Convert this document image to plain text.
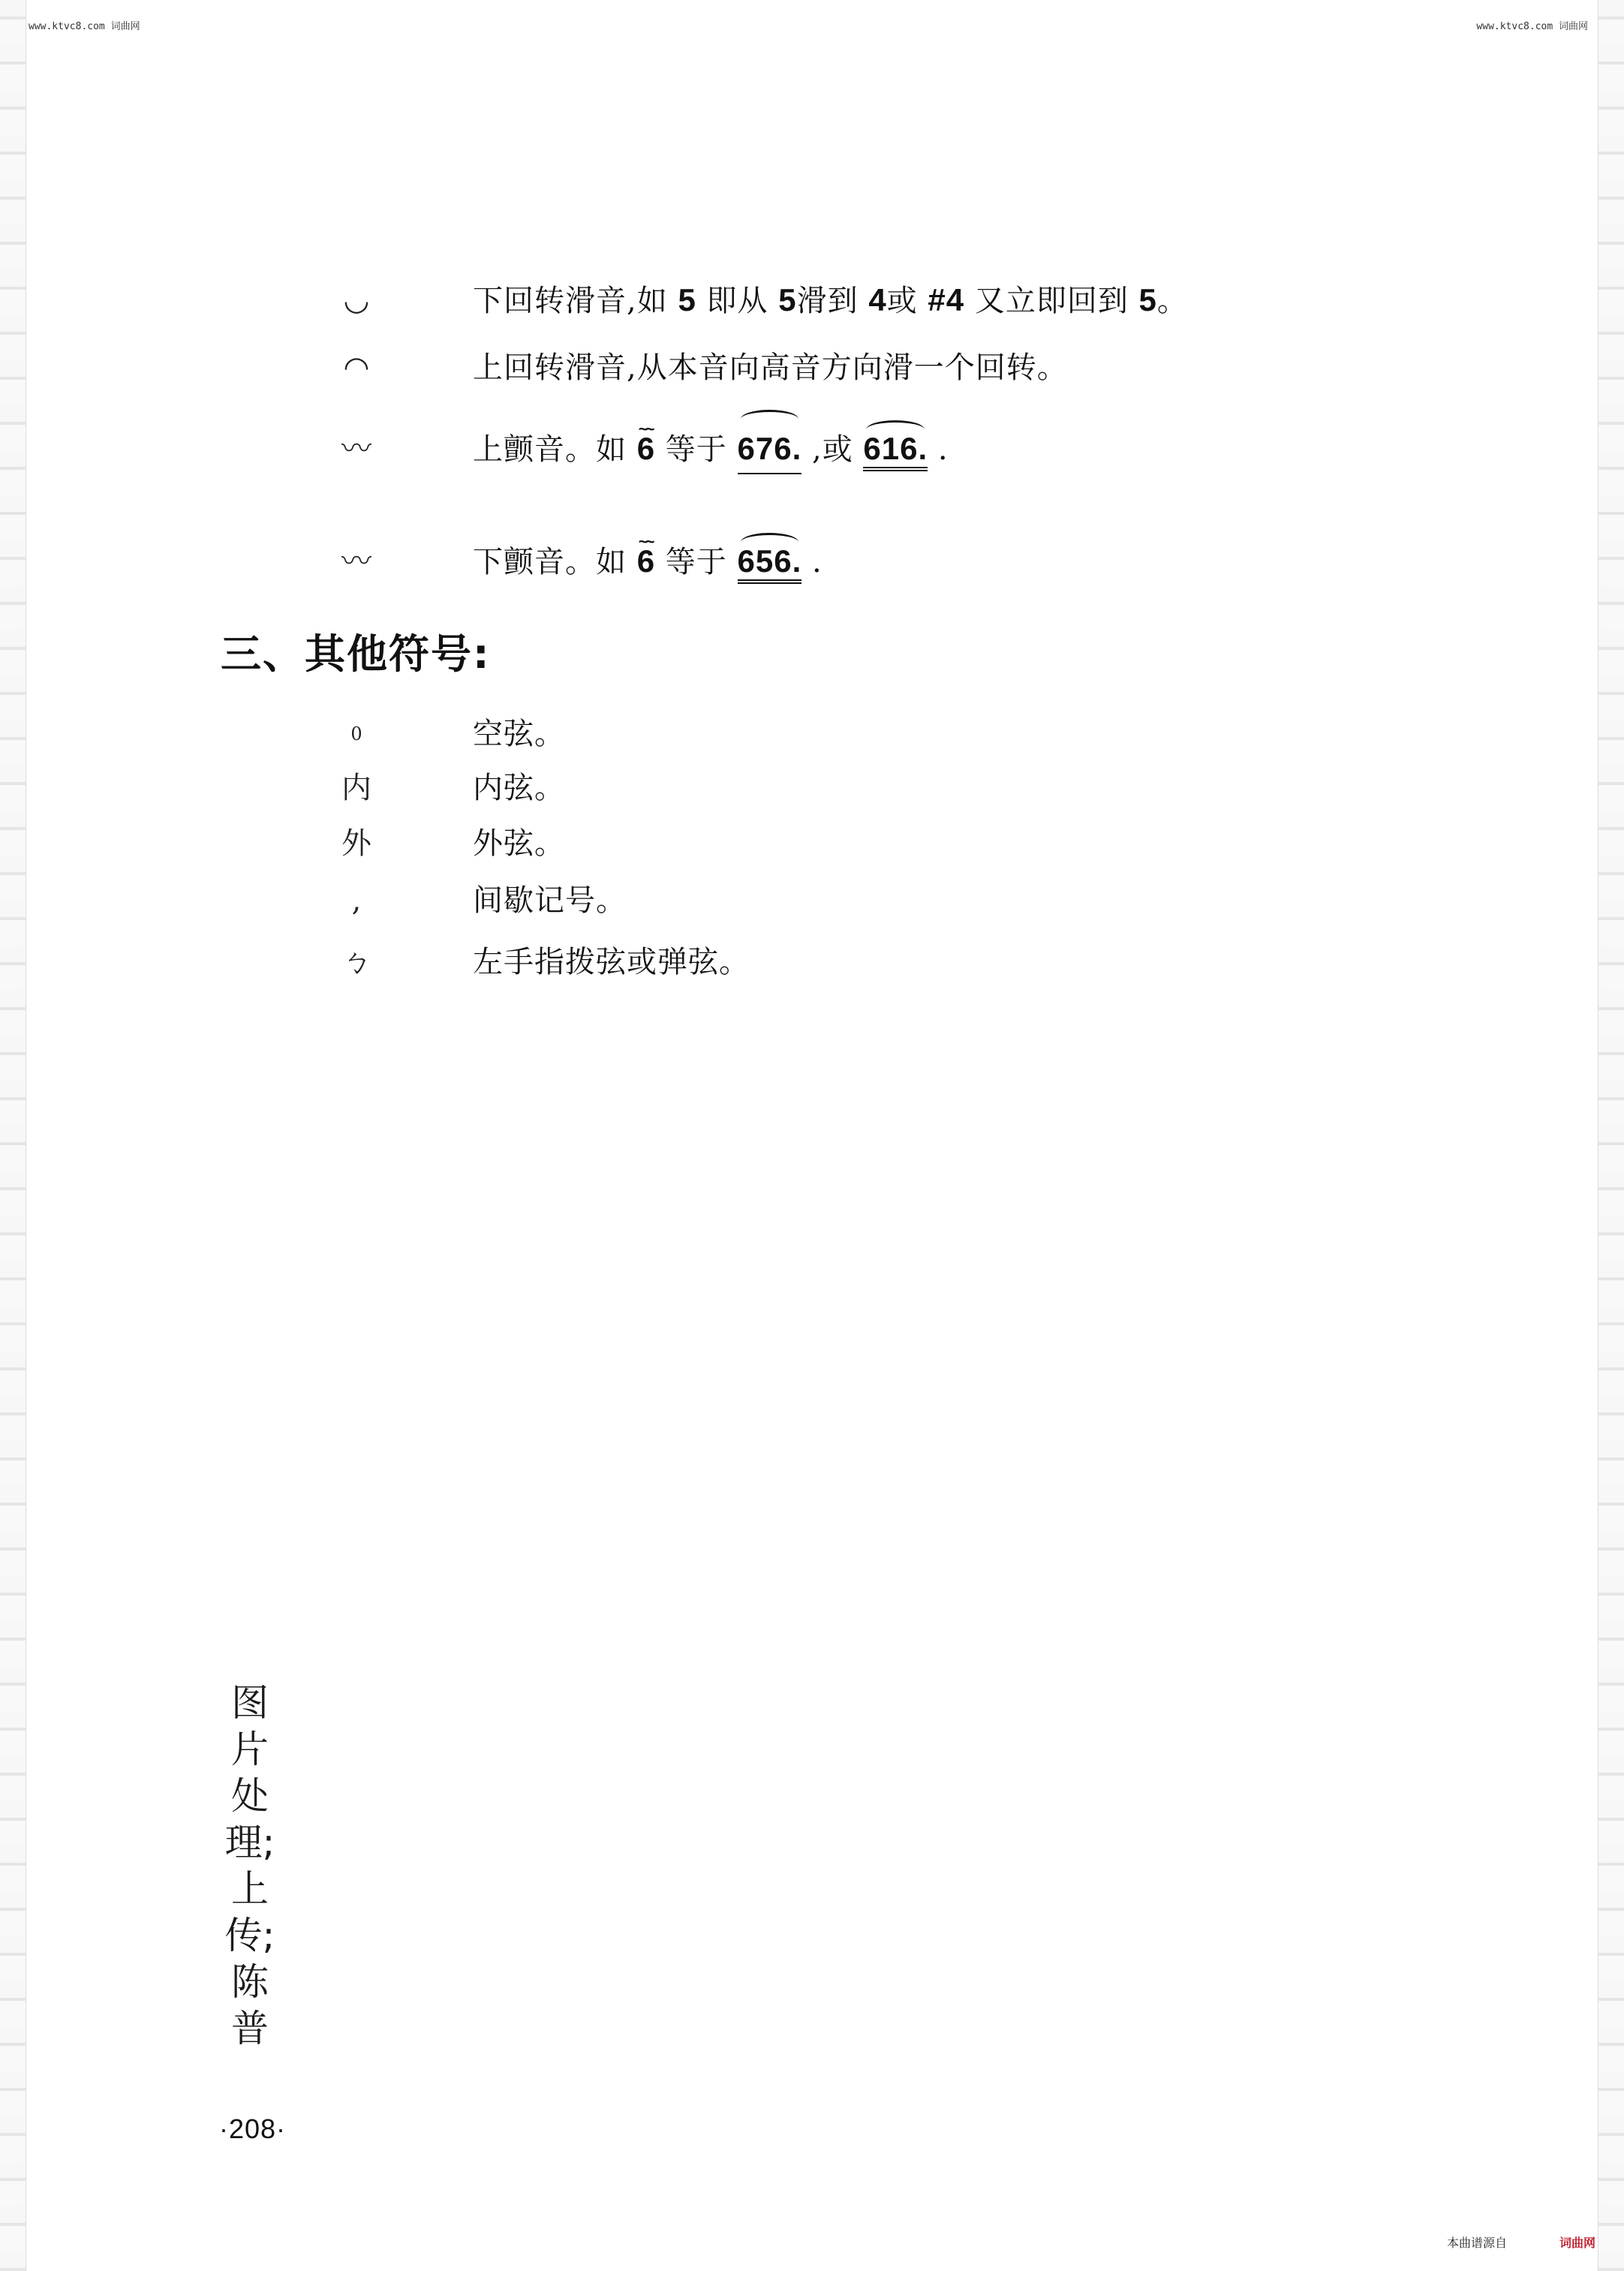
www.ktvc8.com 词曲网	www.ktvc8.com 词曲网
◡	下回转滑音,如 5 即从 5滑到 4或 #4 又立即回到 5。
◠	上回转滑音,从本音向高音方向滑一个回转。
〰	上颤音。如 ~~ 6 等于 676. ,或 616. .
〰	下颤音。如 ~~ 6 等于 656. .
三、其他符号:
0	空弦。
内	内弦。
外	外弦。
,	间歇记号。
ㄅ	左手指拨弦或弹弦。
图片处理;上传;陈普
·208·
本曲谱源自	词曲网
